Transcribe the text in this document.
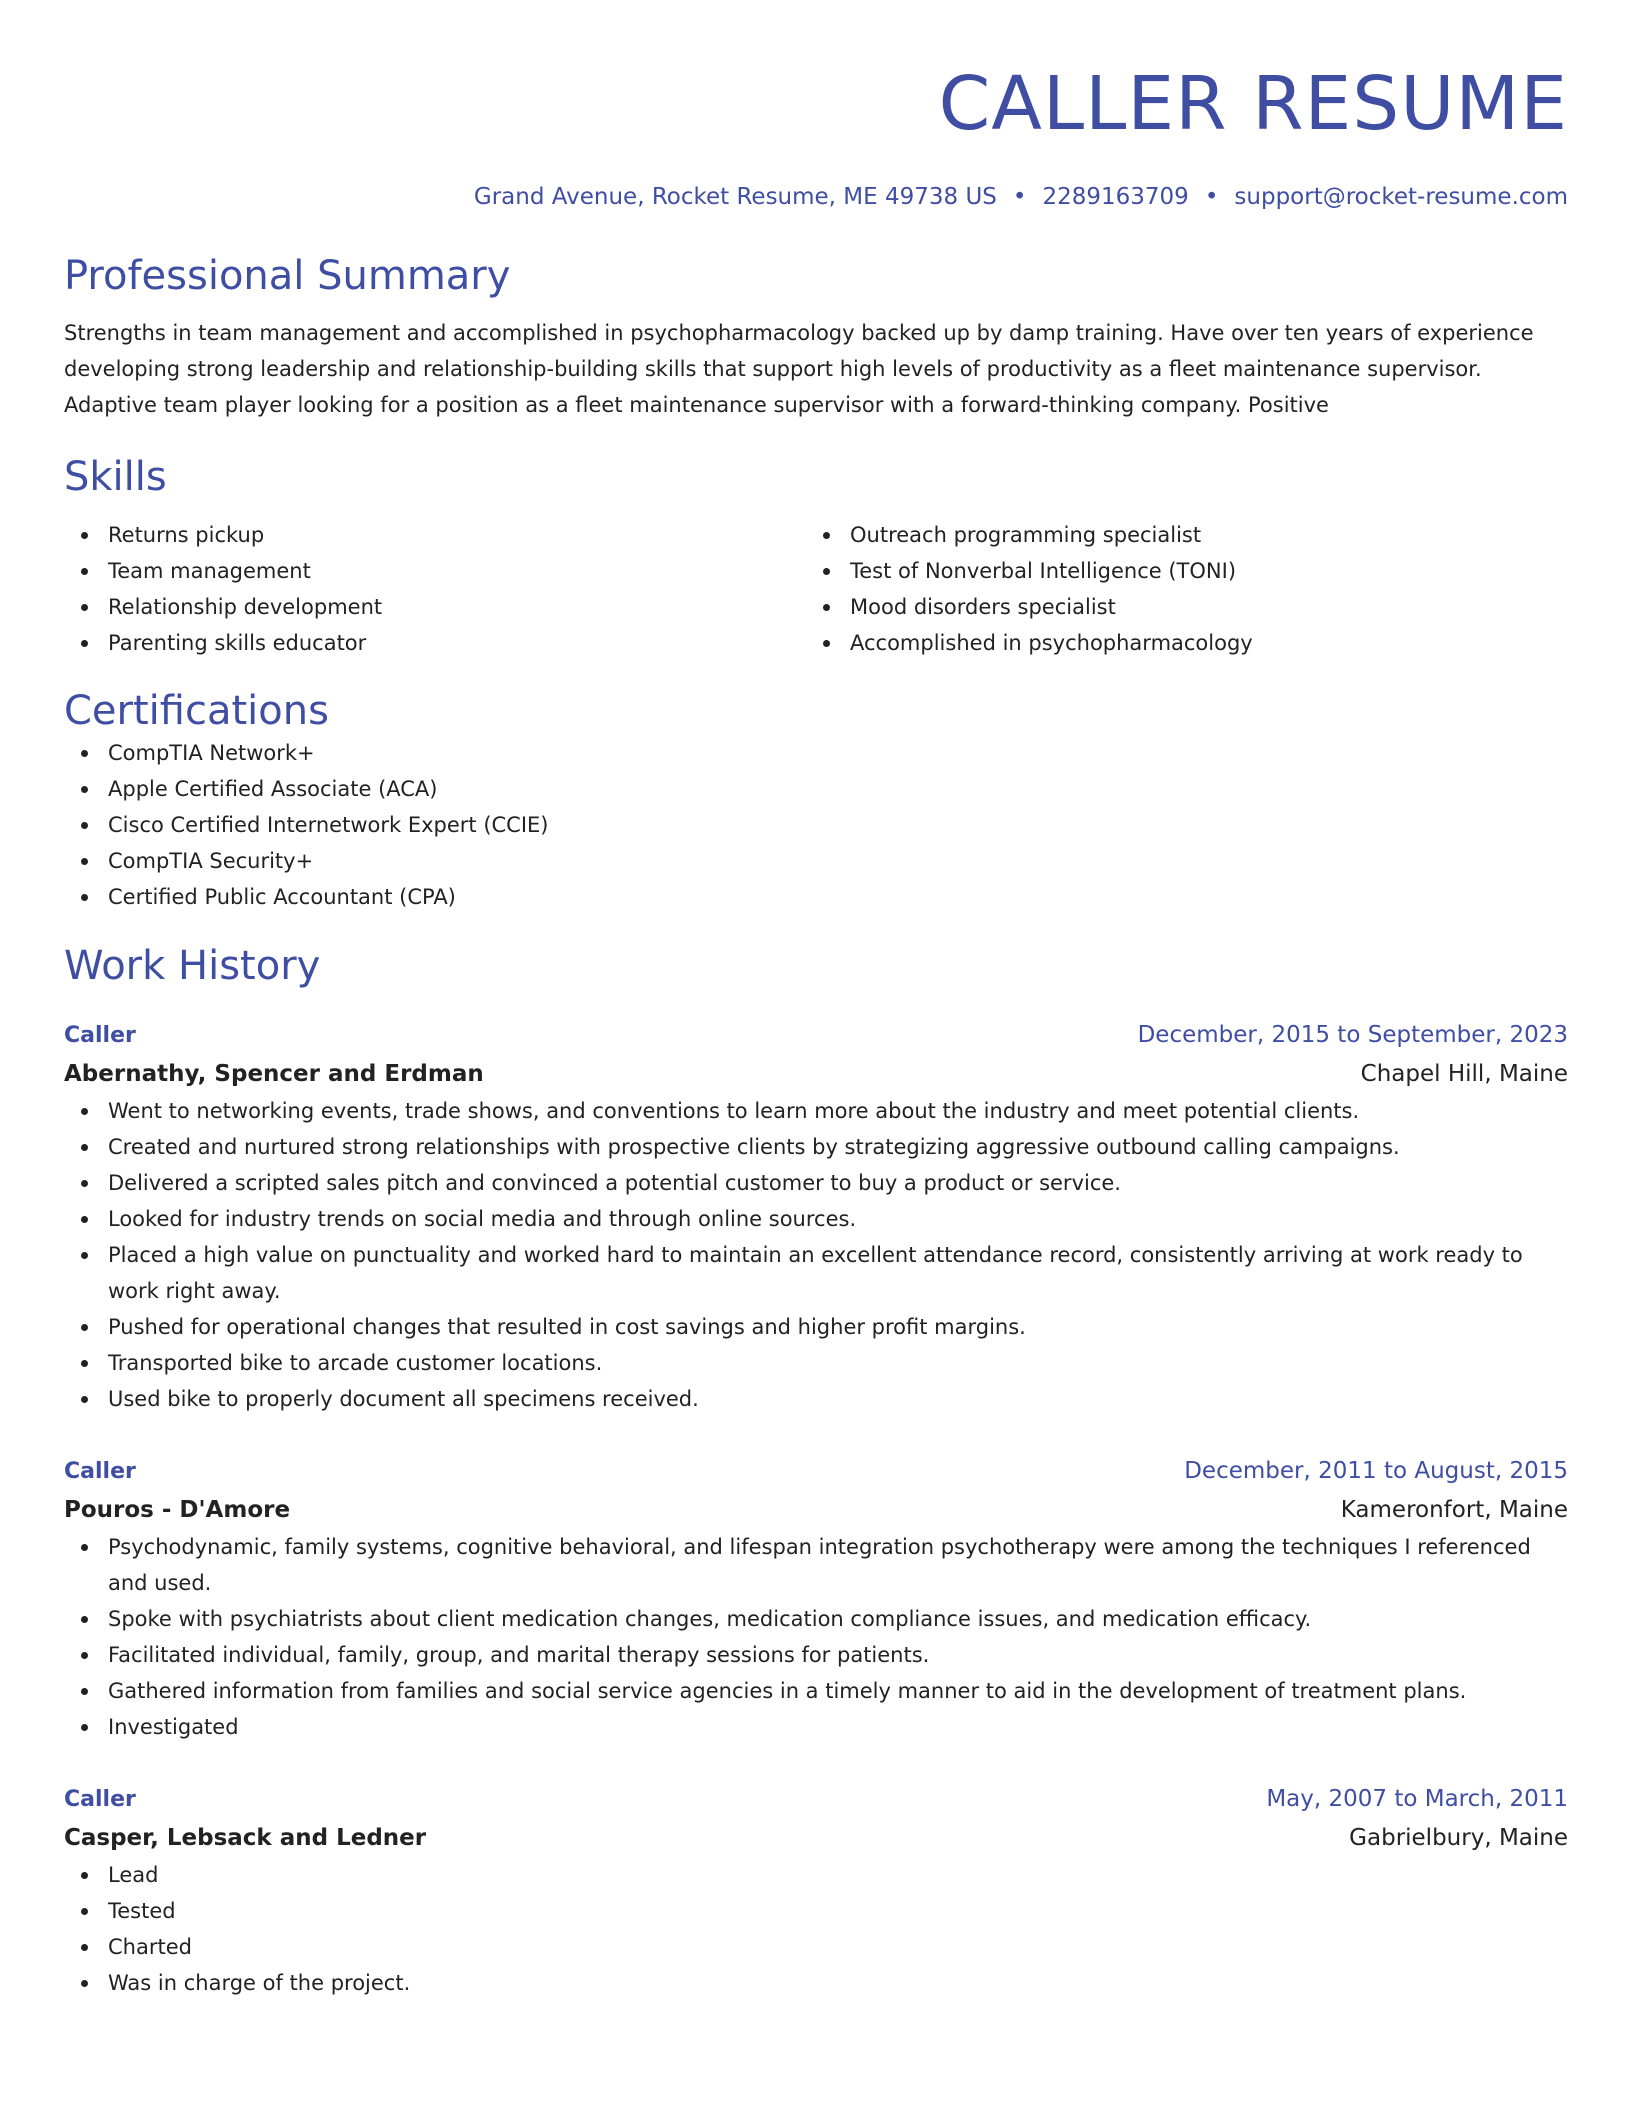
CALLER RESUME
Grand Avenue, Rocket Resume, ME 49738 US • 2289163709 • support@rocket-resume.com
Professional Summary
Strengths in team management and accomplished in psychopharmacology backed up by damp training. Have over ten years of experience developing strong leadership and relationship-building skills that support high levels of productivity as a fleet maintenance supervisor. Adaptive team player looking for a position as a fleet maintenance supervisor with a forward-thinking company. Positive
Skills
Returns pickup
Team management
Relationship development
Parenting skills educator
Outreach programming specialist
Test of Nonverbal Intelligence (TONI)
Mood disorders specialist
Accomplished in psychopharmacology
Certifications
CompTIA Network+
Apple Certified Associate (ACA)
Cisco Certified Internetwork Expert (CCIE)
CompTIA Security+
Certified Public Accountant (CPA)
Work History
Caller	December, 2015 to September, 2023
Abernathy, Spencer and Erdman	Chapel Hill, Maine
Went to networking events, trade shows, and conventions to learn more about the industry and meet potential clients.
Created and nurtured strong relationships with prospective clients by strategizing aggressive outbound calling campaigns.
Delivered a scripted sales pitch and convinced a potential customer to buy a product or service.
Looked for industry trends on social media and through online sources.
Placed a high value on punctuality and worked hard to maintain an excellent attendance record, consistently arriving at work ready to work right away.
Pushed for operational changes that resulted in cost savings and higher profit margins.
Transported bike to arcade customer locations.
Used bike to properly document all specimens received.
Caller	December, 2011 to August, 2015
Pouros - D'Amore	Kameronfort, Maine
Psychodynamic, family systems, cognitive behavioral, and lifespan integration psychotherapy were among the techniques I referenced and used.
Spoke with psychiatrists about client medication changes, medication compliance issues, and medication efficacy.
Facilitated individual, family, group, and marital therapy sessions for patients.
Gathered information from families and social service agencies in a timely manner to aid in the development of treatment plans.
Investigated
Caller	May, 2007 to March, 2011
Casper, Lebsack and Ledner	Gabrielbury, Maine
Lead
Tested
Charted
Was in charge of the project.
